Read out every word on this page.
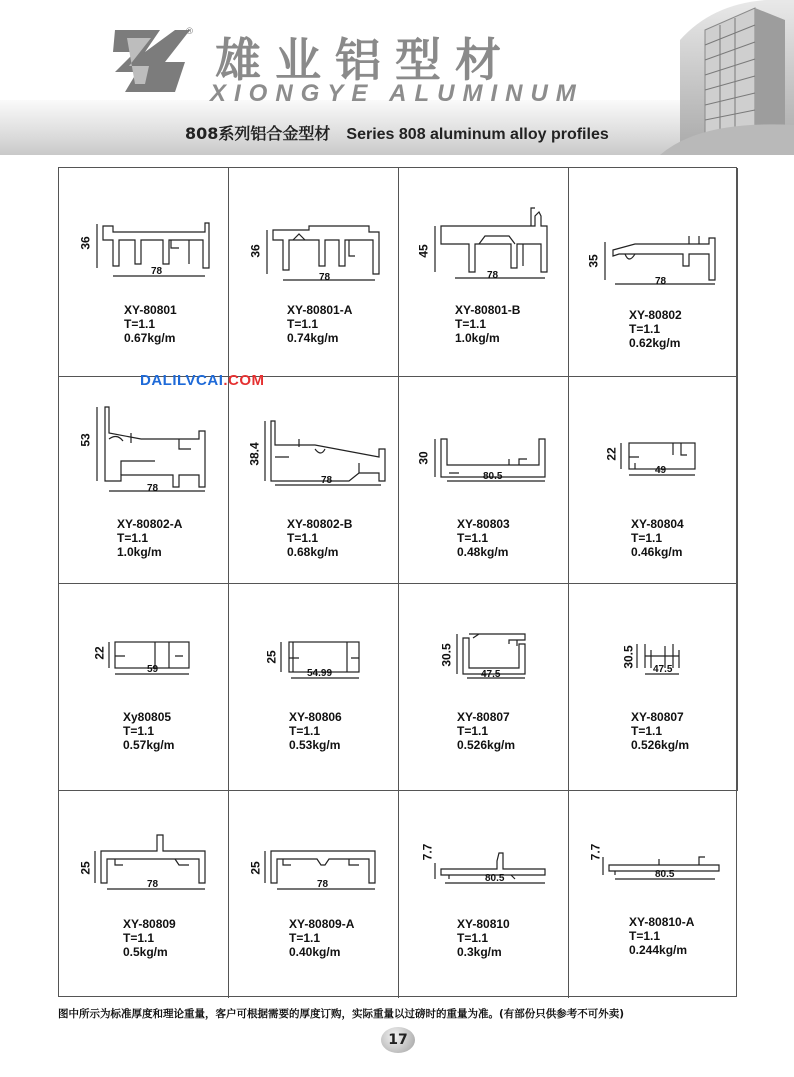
®
雄业铝型材
XIONGYE ALUMINUM
808系列铝合金型材 Series 808 aluminum alloy profiles
36
78
XY-80801
T=1.1
0.67kg/m
36
78
XY-80801-A
T=1.1
0.74kg/m
45
78
XY-80801-B
T=1.1
1.0kg/m
35
78
XY-80802
T=1.1
0.62kg/m
53
78
XY-80802-A
T=1.1
1.0kg/m
38.4
78
XY-80802-B
T=1.1
0.68kg/m
30
80.5
XY-80803
T=1.1
0.48kg/m
22
49
XY-80804
T=1.1
0.46kg/m
22
59
Xy80805
T=1.1
0.57kg/m
25
54.99
XY-80806
T=1.1
0.53kg/m
30.5
47.5
XY-80807
T=1.1
0.526kg/m
30.5
47.5
XY-80807
T=1.1
0.526kg/m
25
78
XY-80809
T=1.1
0.5kg/m
25
78
XY-80809-A
T=1.1
0.40kg/m
7.7
80.5
XY-80810
T=1.1
0.3kg/m
7.7
80.5
XY-80810-A
T=1.1
0.244kg/m
DALILVCAI.COM
图中所示为标准厚度和理论重量，客户可根据需要的厚度订购，实际重量以过磅时的重量为准。(有部份只供参考不可外卖)
17
